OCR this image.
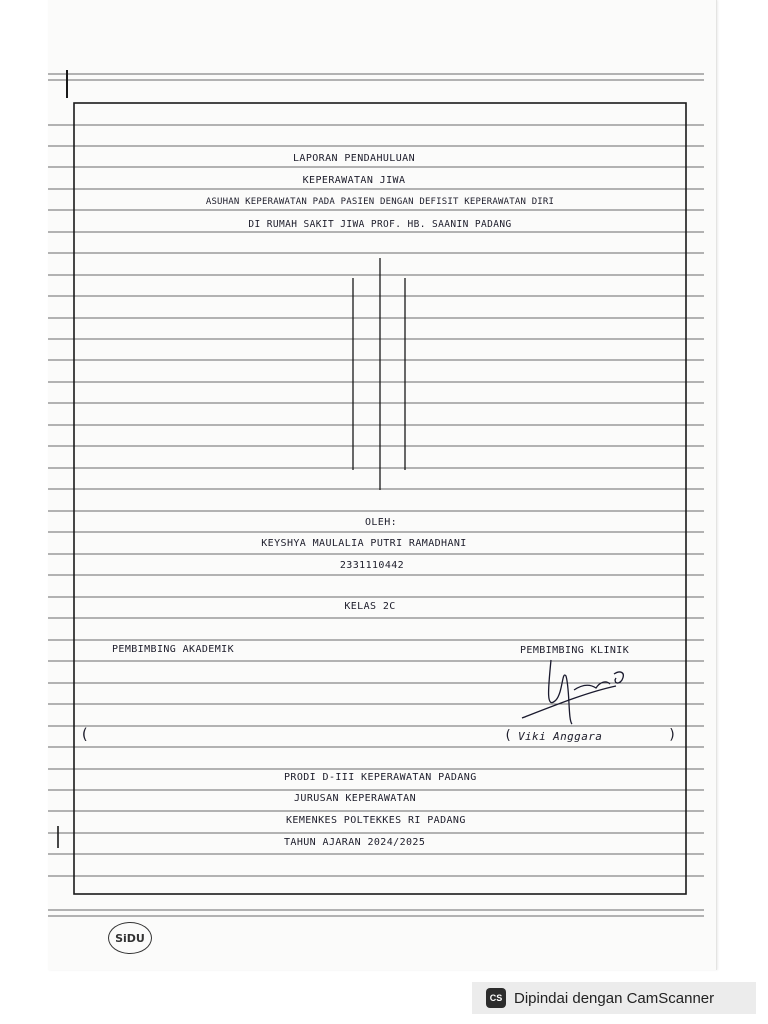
LAPORAN PENDAHULUAN
KEPERAWATAN JIWA
ASUHAN KEPERAWATAN PADA PASIEN DENGAN DEFISIT KEPERAWATAN DIRI
DI RUMAH SAKIT JIWA PROF. HB. SAANIN PADANG
OLEH:
KEYSHYA MAULALIA PUTRI RAMADHANI
2331110442
KELAS 2C
PEMBIMBING AKADEMIK	PEMBIMBING KLINIK
(	( Viki Anggara	)
PRODI D-III KEPERAWATAN PADANG
JURUSAN KEPERAWATAN
KEMENKES POLTEKKES RI PADANG
TAHUN AJARAN 2024/2025
SiDU
CS Dipindai dengan CamScanner
